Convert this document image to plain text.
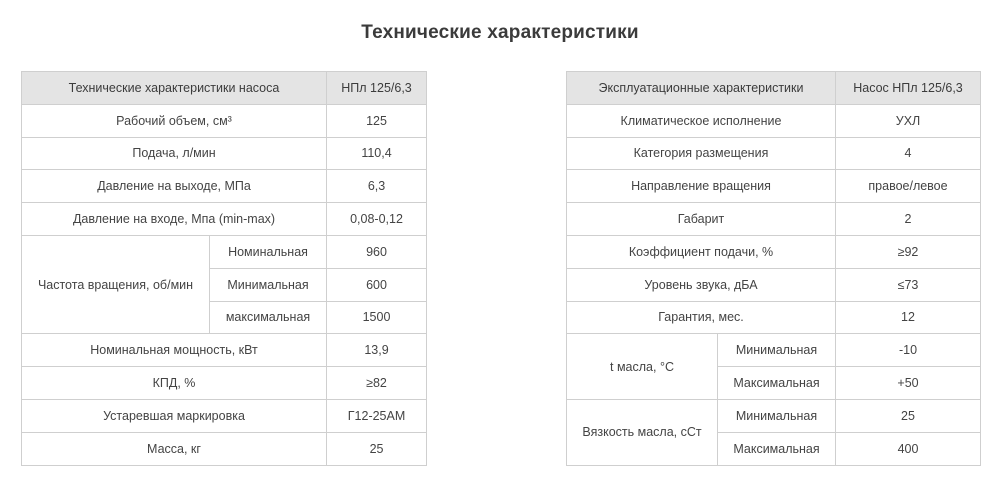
Технические характеристики
Технические характеристики насоса		НПл 125/6,3
Рабочий объем, см³		125
Подача, л/мин		110,4
Давление на выходе, МПа		6,3
Давление на входе, Мпа (min-max)		0,08-0,12
Частота вращения, об/мин	Номинальная	960
	Минимальная	600
	максимальная	1500
Номинальная мощность, кВт		13,9
КПД, %		≥82
Устаревшая маркировка		Г12-25АМ
Масса, кг		25
Эксплуатационные характеристики		Насос НПл 125/6,3
Климатическое исполнение		УХЛ
Категория размещения		4
Направление вращения		правое/левое
Габарит		2
Коэффициент подачи, %		≥92
Уровень звука, дБА		≤73
Гарантия, мес.		12
t масла, °С	Минимальная	-10
	Максимальная	+50
Вязкость масла, сСт	Минимальная	25
	Максимальная	400
